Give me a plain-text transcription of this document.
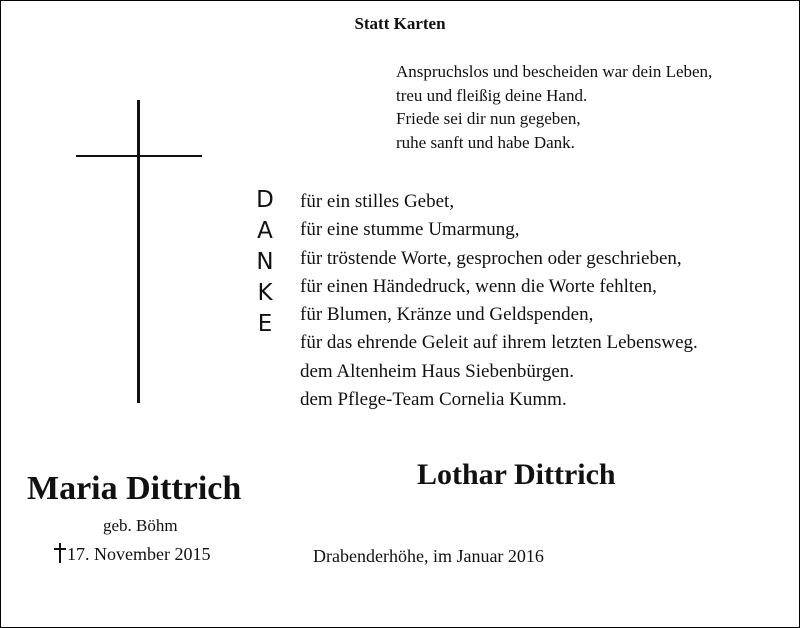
Statt Karten
Anspruchslos und bescheiden war dein Leben,
treu und fleißig deine Hand.
Friede sei dir nun gegeben,
ruhe sanft und habe Dank.
D
A
N
K
E
für ein stilles Gebet,
für eine stumme Umarmung,
für tröstende Worte, gesprochen oder geschrieben,
für einen Händedruck, wenn die Worte fehlten,
für Blumen, Kränze und Geldspenden,
für das ehrende Geleit auf ihrem letzten Lebensweg.
dem Altenheim Haus Siebenbürgen.
dem Pflege-Team Cornelia Kumm.
Maria Dittrich
geb. Böhm
17. November 2015
Lothar Dittrich
Drabenderhöhe, im Januar 2016
